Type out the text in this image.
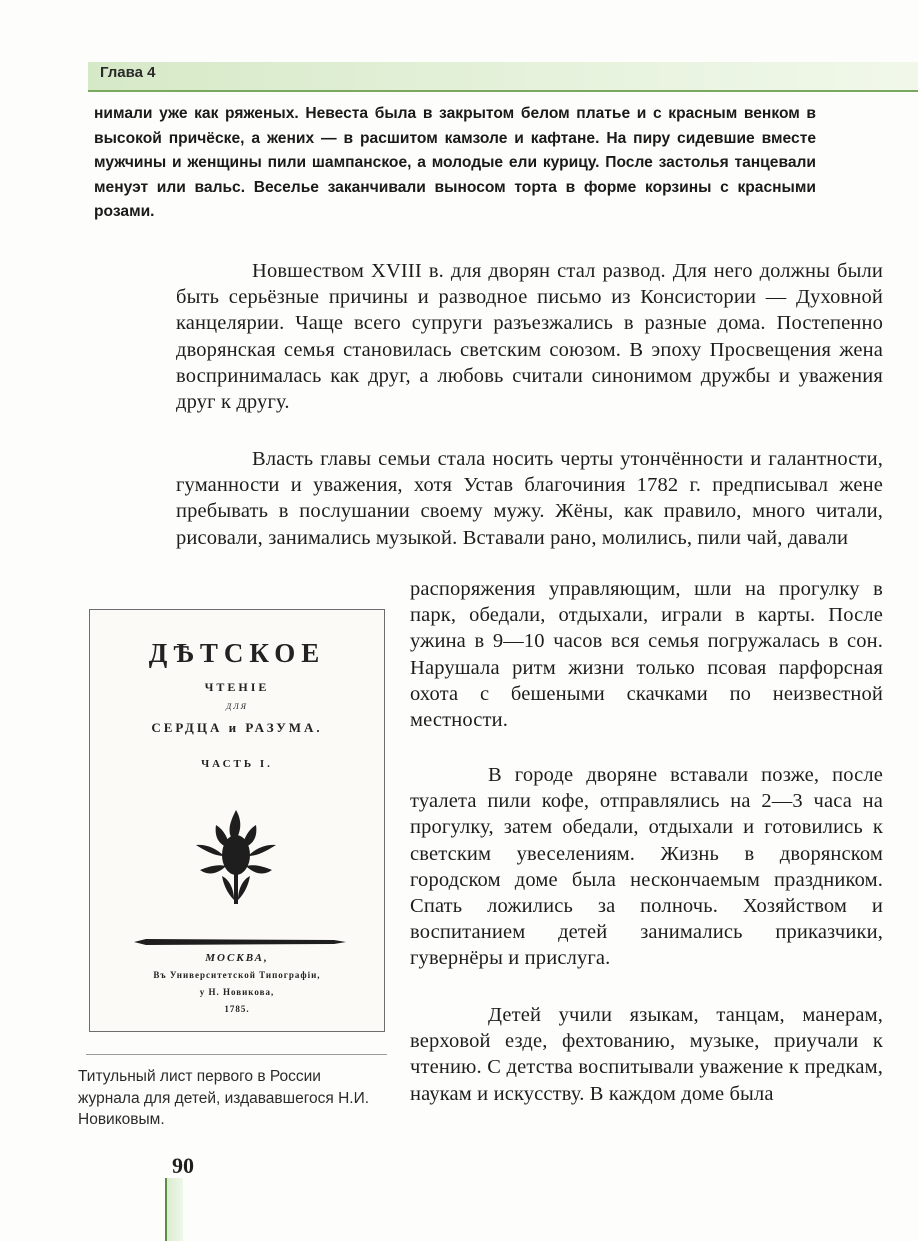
Глава 4
нимали уже как ряженых. Невеста была в закрытом белом платье и с красным венком в высокой причёске, а жених — в расшитом камзоле и кафтане. На пиру сидевшие вместе мужчины и женщины пили шампанское, а молодые ели курицу. После застолья танцевали менуэт или вальс. Веселье заканчивали выносом торта в форме корзины с красными розами.
Новшеством XVIII в. для дворян стал развод. Для него должны были быть серьёзные причины и разводное письмо из Консистории — Духовной канцелярии. Чаще всего супруги разъезжались в разные дома. Постепенно дворянская семья становилась светским союзом. В эпоху Просвещения жена воспринималась как друг, а любовь считали синонимом дружбы и уважения друг к другу.
Власть главы семьи стала носить черты утончённости и галантности, гуманности и уважения, хотя Устав благочиния 1782 г. предписывал жене пребывать в послушании своему мужу. Жёны, как правило, много читали, рисовали, занимались музыкой. Вставали рано, молились, пили чай, давали
распоряжения управляющим, шли на прогулку в парк, обедали, отдыхали, играли в карты. После ужина в 9—10 часов вся семья погружалась в сон. Нарушала ритм жизни только псовая парфорсная охота с бешеными скачками по неизвестной местности.
В городе дворяне вставали позже, после туалета пили кофе, отправлялись на 2—3 часа на прогулку, затем обедали, отдыхали и готовились к светским увеселениям. Жизнь в дворянском городском доме была нескончаемым праздником. Спать ложились за полночь. Хозяйством и воспитанием детей занимались приказчики, гувернёры и прислуга.
Детей учили языкам, танцам, манерам, верховой езде, фехтованию, музыке, приучали к чтению. С детства воспитывали уважение к предкам, наукам и искусству. В каждом доме была
ДѢТСКОЕ
ЧТЕНІЕ
ДЛЯ
СЕРДЦА и РАЗУМА.
ЧАСТЬ I.
МОСКВА,
Въ Университетской Типографіи,
у Н. Новикова,
1785.
Титульный лист первого в России журнала для детей, издававшегося Н.И. Новиковым.
90
